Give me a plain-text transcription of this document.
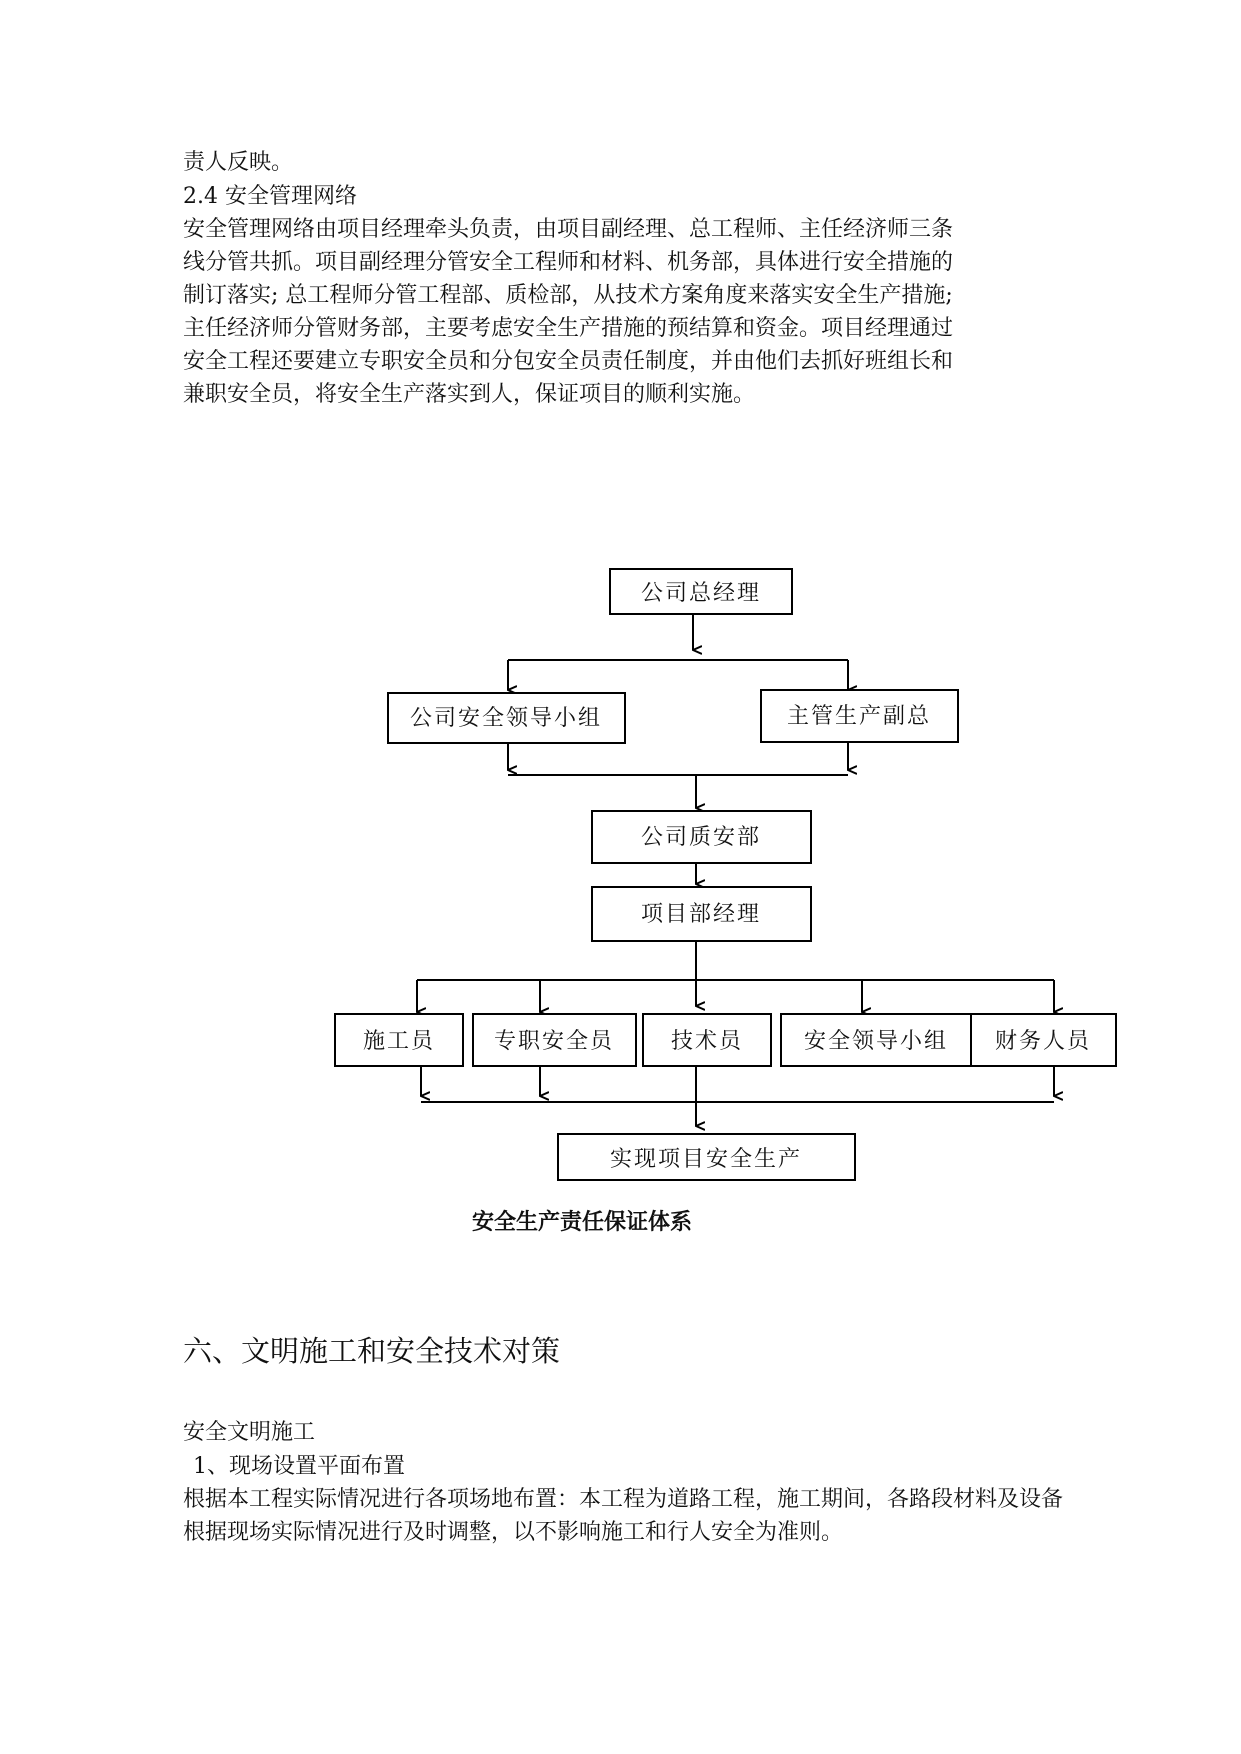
责人反映。
2.4 安全管理网络
安全管理网络由项目经理牵头负责，由项目副经理、总工程师、主任经济师三条
线分管共抓。项目副经理分管安全工程师和材料、机务部，具体进行安全措施的
制订落实; 总工程师分管工程部、质检部，从技术方案角度来落实安全生产措施;
主任经济师分管财务部，主要考虑安全生产措施的预结算和资金。项目经理通过
安全工程还要建立专职安全员和分包安全员责任制度，并由他们去抓好班组长和
兼职安全员，将安全生产落实到人，保证项目的顺利实施。
公司总经理
公司安全领导小组	主管生产副总
公司质安部
项目部经理
施工员	专职安全员	技术员	安全领导小组 财务人员
实现项目安全生产
安全生产责任保证体系
六、文明施工和安全技术对策
安全文明施工
1、现场设置平面布置
根据本工程实际情况进行各项场地布置：本工程为道路工程，施工期间，各路段材料及设备
根据现场实际情况进行及时调整，以不影响施工和行人安全为准则。
